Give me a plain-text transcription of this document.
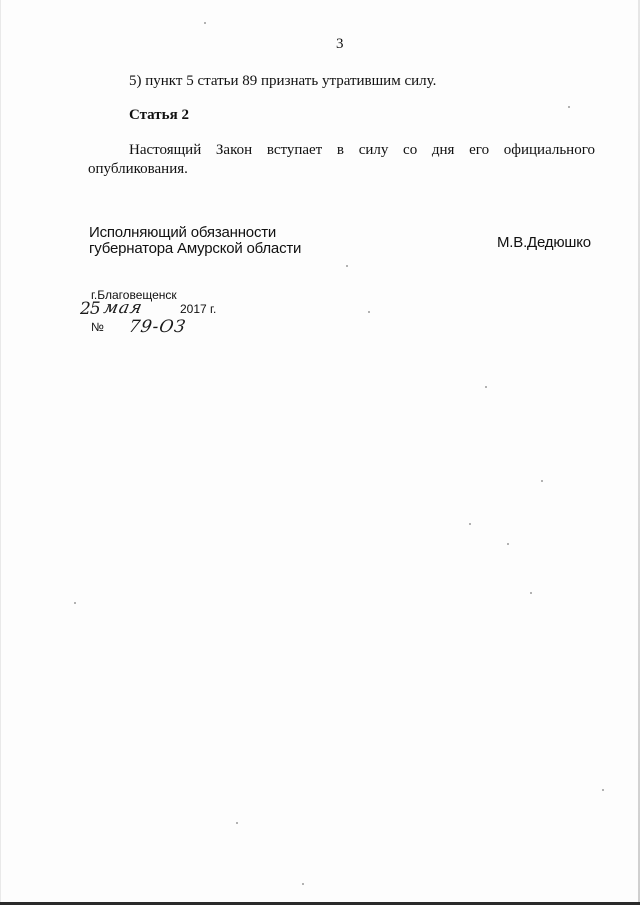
3
5) пункт 5 статьи 89 признать утратившим силу.
Статья 2
Настоящий Закон вступает в силу со дня его официального
опубликования.
Исполняющий обязанности
губернатора Амурской области	М.В.Дедюшко
г.Благовещенск
25 мая	2017 г.
№ 79-ОЗ
